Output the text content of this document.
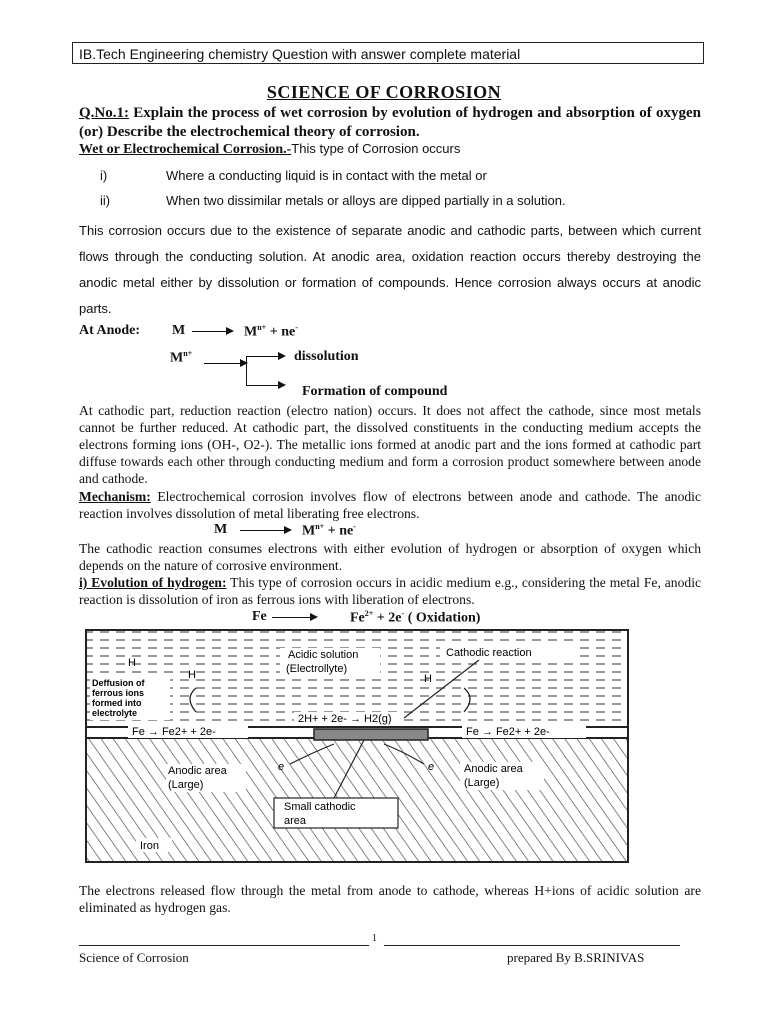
IB.Tech Engineering chemistry Question with answer complete material
SCIENCE OF CORROSION
Q.No.1: Explain the process of wet corrosion by evolution of hydrogen and absorption of oxygen (or) Describe the electrochemical theory of corrosion.
Wet or Electrochemical Corrosion.-This type of Corrosion occurs
i)	Where a conducting liquid is in contact with the metal or
ii)	When two dissimilar metals or alloys are dipped partially in a solution.
This corrosion occurs due to the existence of separate anodic and cathodic parts, between which current flows through the conducting solution. At anodic area, oxidation reaction occurs thereby destroying the anodic metal either by dissolution or formation of compounds. Hence corrosion always occurs at anodic parts.
At Anode: $M \to M^{n+} + ne^-$
$M^{n+}$	dissolution
Formation of compound
At cathodic part, reduction reaction (electro nation) occurs. It does not affect the cathode, since most metals cannot be further reduced. At cathodic part, the dissolved constituents in the conducting medium accepts the electrons forming ions (OH-, O2-). The metallic ions formed at anodic part and the ions formed at cathodic part diffuse towards each other through conducting medium and form a corrosion product somewhere between anode and cathode.
Mechanism: Electrochemical corrosion involves flow of electrons between anode and cathode. The anodic reaction involves dissolution of metal liberating free electrons.
$M \to M^{n+} + ne^-$
The cathodic reaction consumes electrons with either evolution of hydrogen or absorption of oxygen which depends on the nature of corrosive environment.
i) Evolution of hydrogen: This type of corrosion occurs in acidic medium e.g., considering the metal Fe, anodic reaction is dissolution of iron as ferrous ions with liberation of electrons.
$Fe \to Fe^{2+} + 2e^-$ ( Oxidation)
Acidic solution
(Electrollyte)
Cathodic reaction
Deffusion of
ferrous ions
formed into
electrolyte
H
H	H
2H+ + 2e- → H2(g)
Fe → Fe2+ + 2e-	Fe → Fe2+ + 2e-
Anodic area
(Large)
Anodic area
(Large)
e	e
Small cathodic
area
Iron
The electrons released flow through the metal from anode to cathode, whereas H+ions of acidic solution are eliminated as hydrogen gas.
1
Science of Corrosion	prepared By B.SRINIVAS
